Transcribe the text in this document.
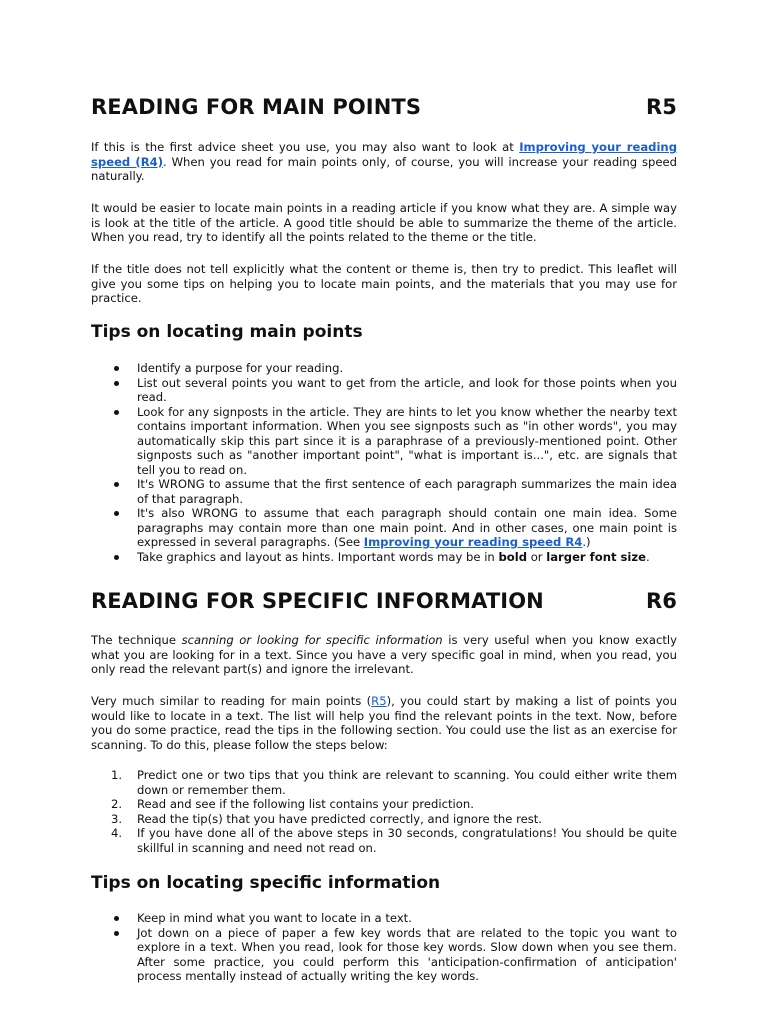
READING FOR MAIN POINTS	R5
If this is the first advice sheet you use, you may also want to look at Improving your reading speed (R4). When you read for main points only, of course, you will increase your reading speed naturally.
It would be easier to locate main points in a reading article if you know what they are. A simple way is look at the title of the article. A good title should be able to summarize the theme of the article. When you read, try to identify all the points related to the theme or the title.
If the title does not tell explicitly what the content or theme is, then try to predict. This leaflet will give you some tips on helping you to locate main points, and the materials that you may use for practice.
Tips on locating main points
Identify a purpose for your reading.
List out several points you want to get from the article, and look for those points when you read.
Look for any signposts in the article. They are hints to let you know whether the nearby text contains important information. When you see signposts such as "in other words", you may automatically skip this part since it is a paraphrase of a previously-mentioned point. Other signposts such as "another important point", "what is important is...", etc. are signals that tell you to read on.
It's WRONG to assume that the first sentence of each paragraph summarizes the main idea of that paragraph.
It's also WRONG to assume that each paragraph should contain one main idea. Some paragraphs may contain more than one main point. And in other cases, one main point is expressed in several paragraphs. (See Improving your reading speed R4.)
Take graphics and layout as hints. Important words may be in bold or larger font size.
READING FOR SPECIFIC INFORMATION	R6
The technique scanning or looking for specific information is very useful when you know exactly what you are looking for in a text. Since you have a very specific goal in mind, when you read, you only read the relevant part(s) and ignore the irrelevant.
Very much similar to reading for main points (R5), you could start by making a list of points you would like to locate in a text. The list will help you find the relevant points in the text. Now, before you do some practice, read the tips in the following section. You could use the list as an exercise for scanning. To do this, please follow the steps below:
1. Predict one or two tips that you think are relevant to scanning. You could either write them down or remember them.
2. Read and see if the following list contains your prediction.
3. Read the tip(s) that you have predicted correctly, and ignore the rest.
4. If you have done all of the above steps in 30 seconds, congratulations! You should be quite skillful in scanning and need not read on.
Tips on locating specific information
Keep in mind what you want to locate in a text.
Jot down on a piece of paper a few key words that are related to the topic you want to explore in a text. When you read, look for those key words. Slow down when you see them. After some practice, you could perform this 'anticipation-confirmation of anticipation' process mentally instead of actually writing the key words.
